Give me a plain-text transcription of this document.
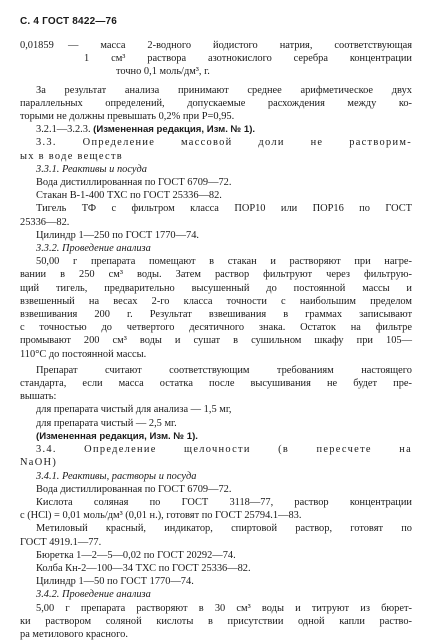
С. 4 ГОСТ 8422—76
0,01859	— масса 2-водного йодистого натрия, соответствующая
1 см³ раствора азотнокислого серебра концентрации
точно 0,1 моль/дм³, г.
За результат анализа принимают среднее арифметическое двух
параллельных определений, допускаемые расхождения между ко-
торыми не должны превышать 0,2% при P=0,95.
3.2.1—3.2.3. (Измененная редакция, Изм. № 1).
3.3. Определение массовой доли не растворим-
ых в воде веществ
3.3.1. Реактивы и посуда
Вода дистиллированная по ГОСТ 6709—72.
Стакан В-1-400 ТХС по ГОСТ 25336—82.
Тигель ТФ с фильтром класса ПОР10 или ПОР16 по ГОСТ
25336—82.
Цилиндр 1—250 по ГОСТ 1770—74.
3.3.2. Проведение анализа
50,00 г препарата помещают в стакан и растворяют при нагре-
вании в 250 см³ воды. Затем раствор фильтруют через фильтрую-
щий тигель, предварительно высушенный до постоянной массы и
взвешенный на весах 2-го класса точности с наибольшим пределом
взвешивания 200 г. Результат взвешивания в граммах записывают
с точностью до четвертого десятичного знака. Остаток на фильтре
промывают 200 см³ воды и сушат в сушильном шкафу при 105—
110°С до постоянной массы.
Препарат считают соответствующим требованиям настоящего
стандарта, если масса остатка после высушивания не будет пре-
вышать:
для препарата чистый для анализа — 1,5 мг,
для препарата чистый — 2,5 мг.
(Измененная редакция, Изм. № 1).
3.4. Определение щелочности (в пересчете на
NaOH)
3.4.1. Реактивы, растворы и посуда
Вода дистиллированная по ГОСТ 6709—72.
Кислота соляная по ГОСТ 3118—77, раствор концентрации
с (HCl) = 0,01 моль/дм³ (0,01 н.), готовят по ГОСТ 25794.1—83.
Метиловый красный, индикатор, спиртовой раствор, готовят по
ГОСТ 4919.1—77.
Бюретка 1—2—5—0,02 по ГОСТ 20292—74.
Колба Кн-2—100—34 ТХС по ГОСТ 25336—82.
Цилиндр 1—50 по ГОСТ 1770—74.
3.4.2. Проведение анализа
5,00 г препарата растворяют в 30 см³ воды и титруют из бюрет-
ки раствором соляной кислоты в присутствии одной капли раство-
ра метилового красного.
